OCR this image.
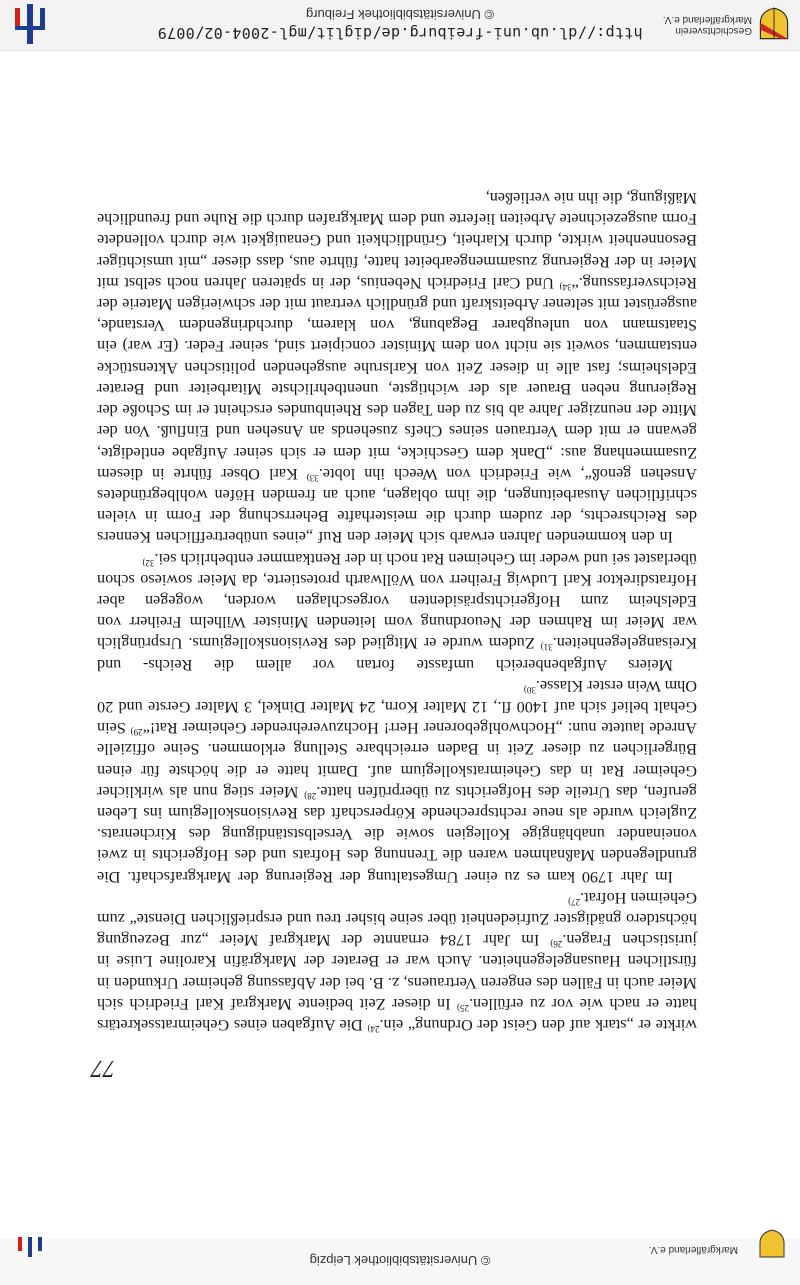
© Universitätsbibliothek Leipzig
Markgräflerland e.V.

wirkte er „stark auf den Geist der Ordnung“ ein.$^{24)}$ Die Aufgaben eines Geheimratssekretärs hatte er nach wie vor zu erfüllen.$^{25)}$ In dieser Zeit bediente Markgraf Karl Friedrich sich Meier auch in Fällen des engeren Vertrauens, z. B. bei der Abfassung geheimer Urkunden in fürstlichen Hausangelegenheiten. Auch war er Berater der Markgräfin Karoline Luise in juristischen Fragen.$^{26)}$ Im Jahr 1784 ernannte der Markgraf Meier „zur Bezeugung höchstdero gnädigster Zufriedenheit über seine bisher treu und ersprießlichen Dienste“ zum Geheimen Hofrat.$^{27)}$

Im Jahr 1790 kam es zu einer Umgestaltung der Regierung der Markgrafschaft. Die grundlegenden Maßnahmen waren die Trennung des Hofrats und des Hofgerichts in zwei voneinander unabhängige Kollegien sowie die Verselbstständigung des Kirchenrats. Zugleich wurde als neue rechtsprechende Körperschaft das Revisionskollegium ins Leben gerufen, das Urteile des Hofgerichts zu überprüfen hatte.$^{28)}$ Meier stieg nun als wirklicher Geheimer Rat in das Geheimratskollegium auf. Damit hatte er die höchste für einen Bürgerlichen zu dieser Zeit in Baden erreichbare Stellung erklommen. Seine offizielle Anrede lautete nun: „Hochwohlgeborener Herr! Hochzuverehrender Geheimer Rat!“$^{29)}$ Sein Gehalt belief sich auf 1400 fl., 12 Malter Korn, 24 Malter Dinkel, 3 Malter Gerste und 20 Ohm Wein erster Klasse.$^{30)}$

Meiers Aufgabenbereich umfasste fortan vor allem die Reichs- und Kreisangelegenheiten.$^{31)}$ Zudem wurde er Mitglied des Revisionskollegiums. Ursprünglich war Meier im Rahmen der Neuordnung vom leitenden Minister Wilhelm Freiherr von Edelsheim zum Hofgerichtspräsidenten vorgeschlagen worden, wogegen aber Hofratsdirektor Karl Ludwig Freiherr von Wöllwarth protestierte, da Meier sowieso schon überlastet sei und weder im Geheimen Rat noch in der Rentkammer entbehrlich sei.$^{32)}$

In den kommenden Jahren erwarb sich Meier den Ruf „eines unübertrefflichen Kenners des Reichsrechts, der zudem durch die meisterhafte Beherrschung der Form in vielen schriftlichen Ausarbeitungen, die ihm oblagen, auch an fremden Höfen wohlbegründetes Ansehen genoß“, wie Friedrich von Weech ihn lobte.$^{33)}$ Karl Obser führte in diesem Zusammenhang aus: „Dank dem Geschicke, mit dem er sich seiner Aufgabe entledigte, gewann er mit dem Vertrauen seines Chefs zusehends an Ansehen und Einfluß. Von der Mitte der neunziger Jahre ab bis zu den Tagen des Rheinbundes erscheint er im Schoße der Regierung neben Brauer als der wichtigste, unentbehrlichste Mitarbeiter und Berater Edelsheims; fast alle in dieser Zeit von Karlsruhe ausgehenden politischen Aktenstücke entstammen, soweit sie nicht von dem Minister concipiert sind, seiner Feder. (Er war) ein Staatsmann von unleugbarer Begabung, von klarem, durchdringendem Verstande, ausgerüstet mit seltener Arbeitskraft und gründlich vertraut mit der schwierigen Materie der Reichsverfassung.“$^{34)}$ Und Carl Friedrich Nebenius, der in späteren Jahren noch selbst mit Meier in der Regierung zusammengearbeitet hatte, führte aus, dass dieser „mit umsichtiger Besonnenheit wirkte, durch Klarheit, Gründlichkeit und Genauigkeit wie durch vollendete Form ausgezeichnete Arbeiten lieferte und dem Markgrafen durch die Ruhe und freundliche Mäßigung, die ihn nie verließen,

77
http://dl.ub.uni-freiburg.de/diglit/mgl-2004-02/0079
© Universitätsbibliothek Freiburg
Geschichtsverein
Markgräflerland e.V.
